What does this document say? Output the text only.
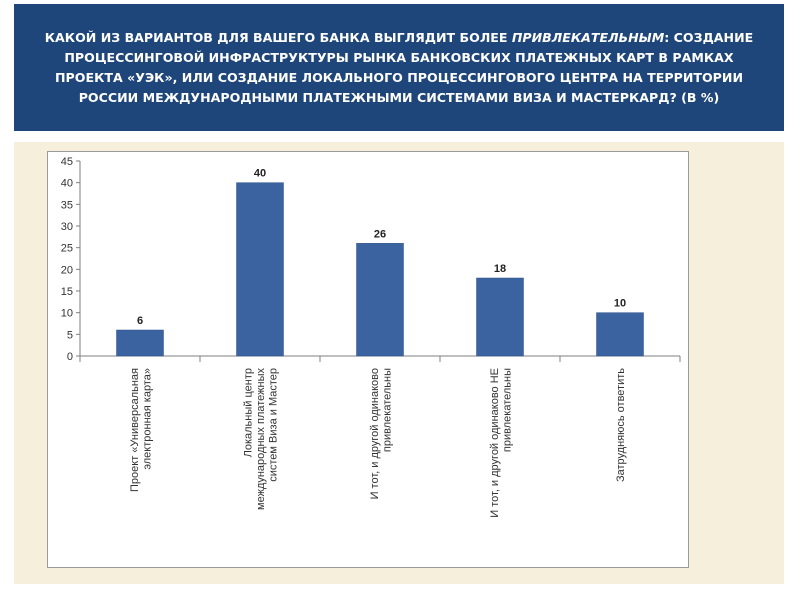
КАКОЙ ИЗ ВАРИАНТОВ ДЛЯ ВАШЕГО БАНКА ВЫГЛЯДИТ БОЛЕЕ ПРИВЛЕКАТЕЛЬНЫМ: СОЗДАНИЕ ПРОЦЕССИНГОВОЙ ИНФРАСТРУКТУРЫ РЫНКА БАНКОВСКИХ ПЛАТЕЖНЫХ КАРТ В РАМКАХ ПРОЕКТА «УЭК», ИЛИ СОЗДАНИЕ ЛОКАЛЬНОГО ПРОЦЕССИНГОВОГО ЦЕНТРА НА ТЕРРИТОРИИ РОССИИ МЕЖДУНАРОДНЫМИ ПЛАТЕЖНЫМИ СИСТЕМАМИ ВИЗА И МАСТЕРКАРД? (В %)

0
5
10
15
20
25
30
35
40
45
6
40
26
18
10
Проект «Универсальная электронная карта»	Локальный центр международных платежных систем Виза и Мастер	И тот, и другой одинаково привлекательны	И тот, и другой одинаково НЕ привлекательны	Затрудняюсь ответить
